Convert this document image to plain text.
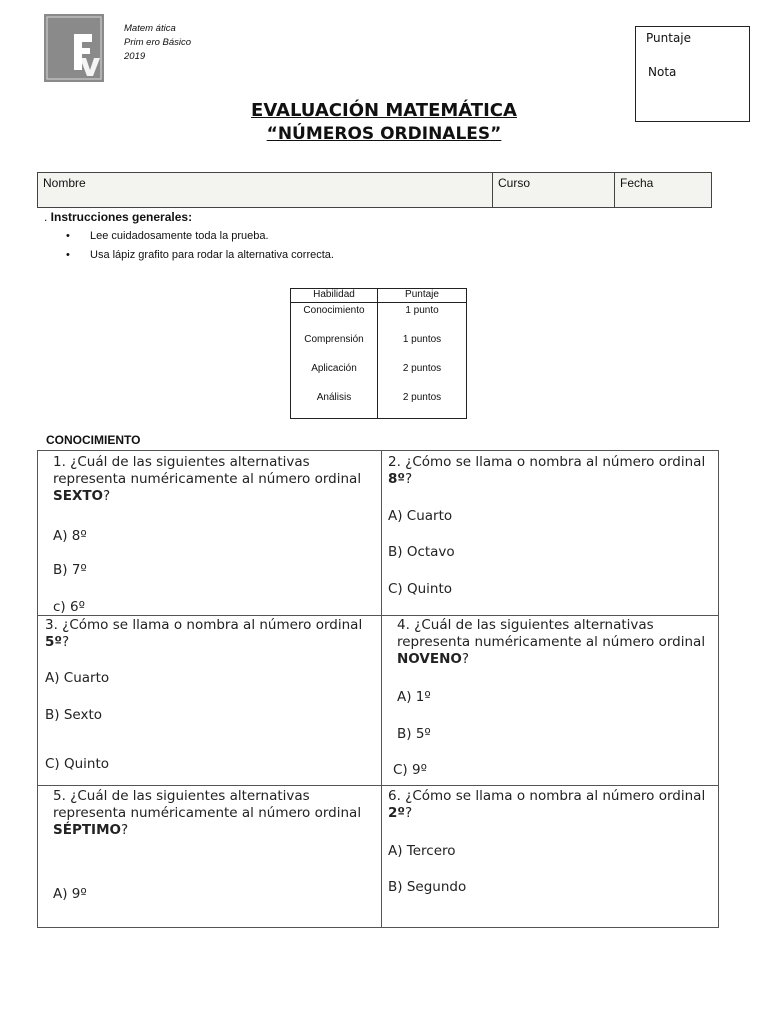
Matem ática
Prim ero Básico
2019
Puntaje
Nota
EVALUACIÓN MATEMÁTICA
“NÚMEROS ORDINALES”
Nombre	Curso	Fecha
. Instrucciones generales:
• Lee cuidadosamente toda la prueba.
• Usa lápiz grafito para rodar la alternativa correcta.
Habilidad	Puntaje
Conocimiento	1 punto
Comprensión	1 puntos
Aplicación	2 puntos
Análisis	2 puntos
CONOCIMIENTO
1. ¿Cuál de las siguientes alternativas representa numéricamente al número ordinal SEXTO?
A) 8º
B) 7º
c) 6º
2. ¿Cómo se llama o nombra al número ordinal 8º?
A) Cuarto
B) Octavo
C) Quinto
3. ¿Cómo se llama o nombra al número ordinal 5º?
A) Cuarto
B) Sexto
C) Quinto
4. ¿Cuál de las siguientes alternativas representa numéricamente al número ordinal NOVENO?
A) 1º
B) 5º
C) 9º
5. ¿Cuál de las siguientes alternativas representa numéricamente al número ordinal SÉPTIMO?
A) 9º
6. ¿Cómo se llama o nombra al número ordinal 2º?
A) Tercero
B) Segundo
